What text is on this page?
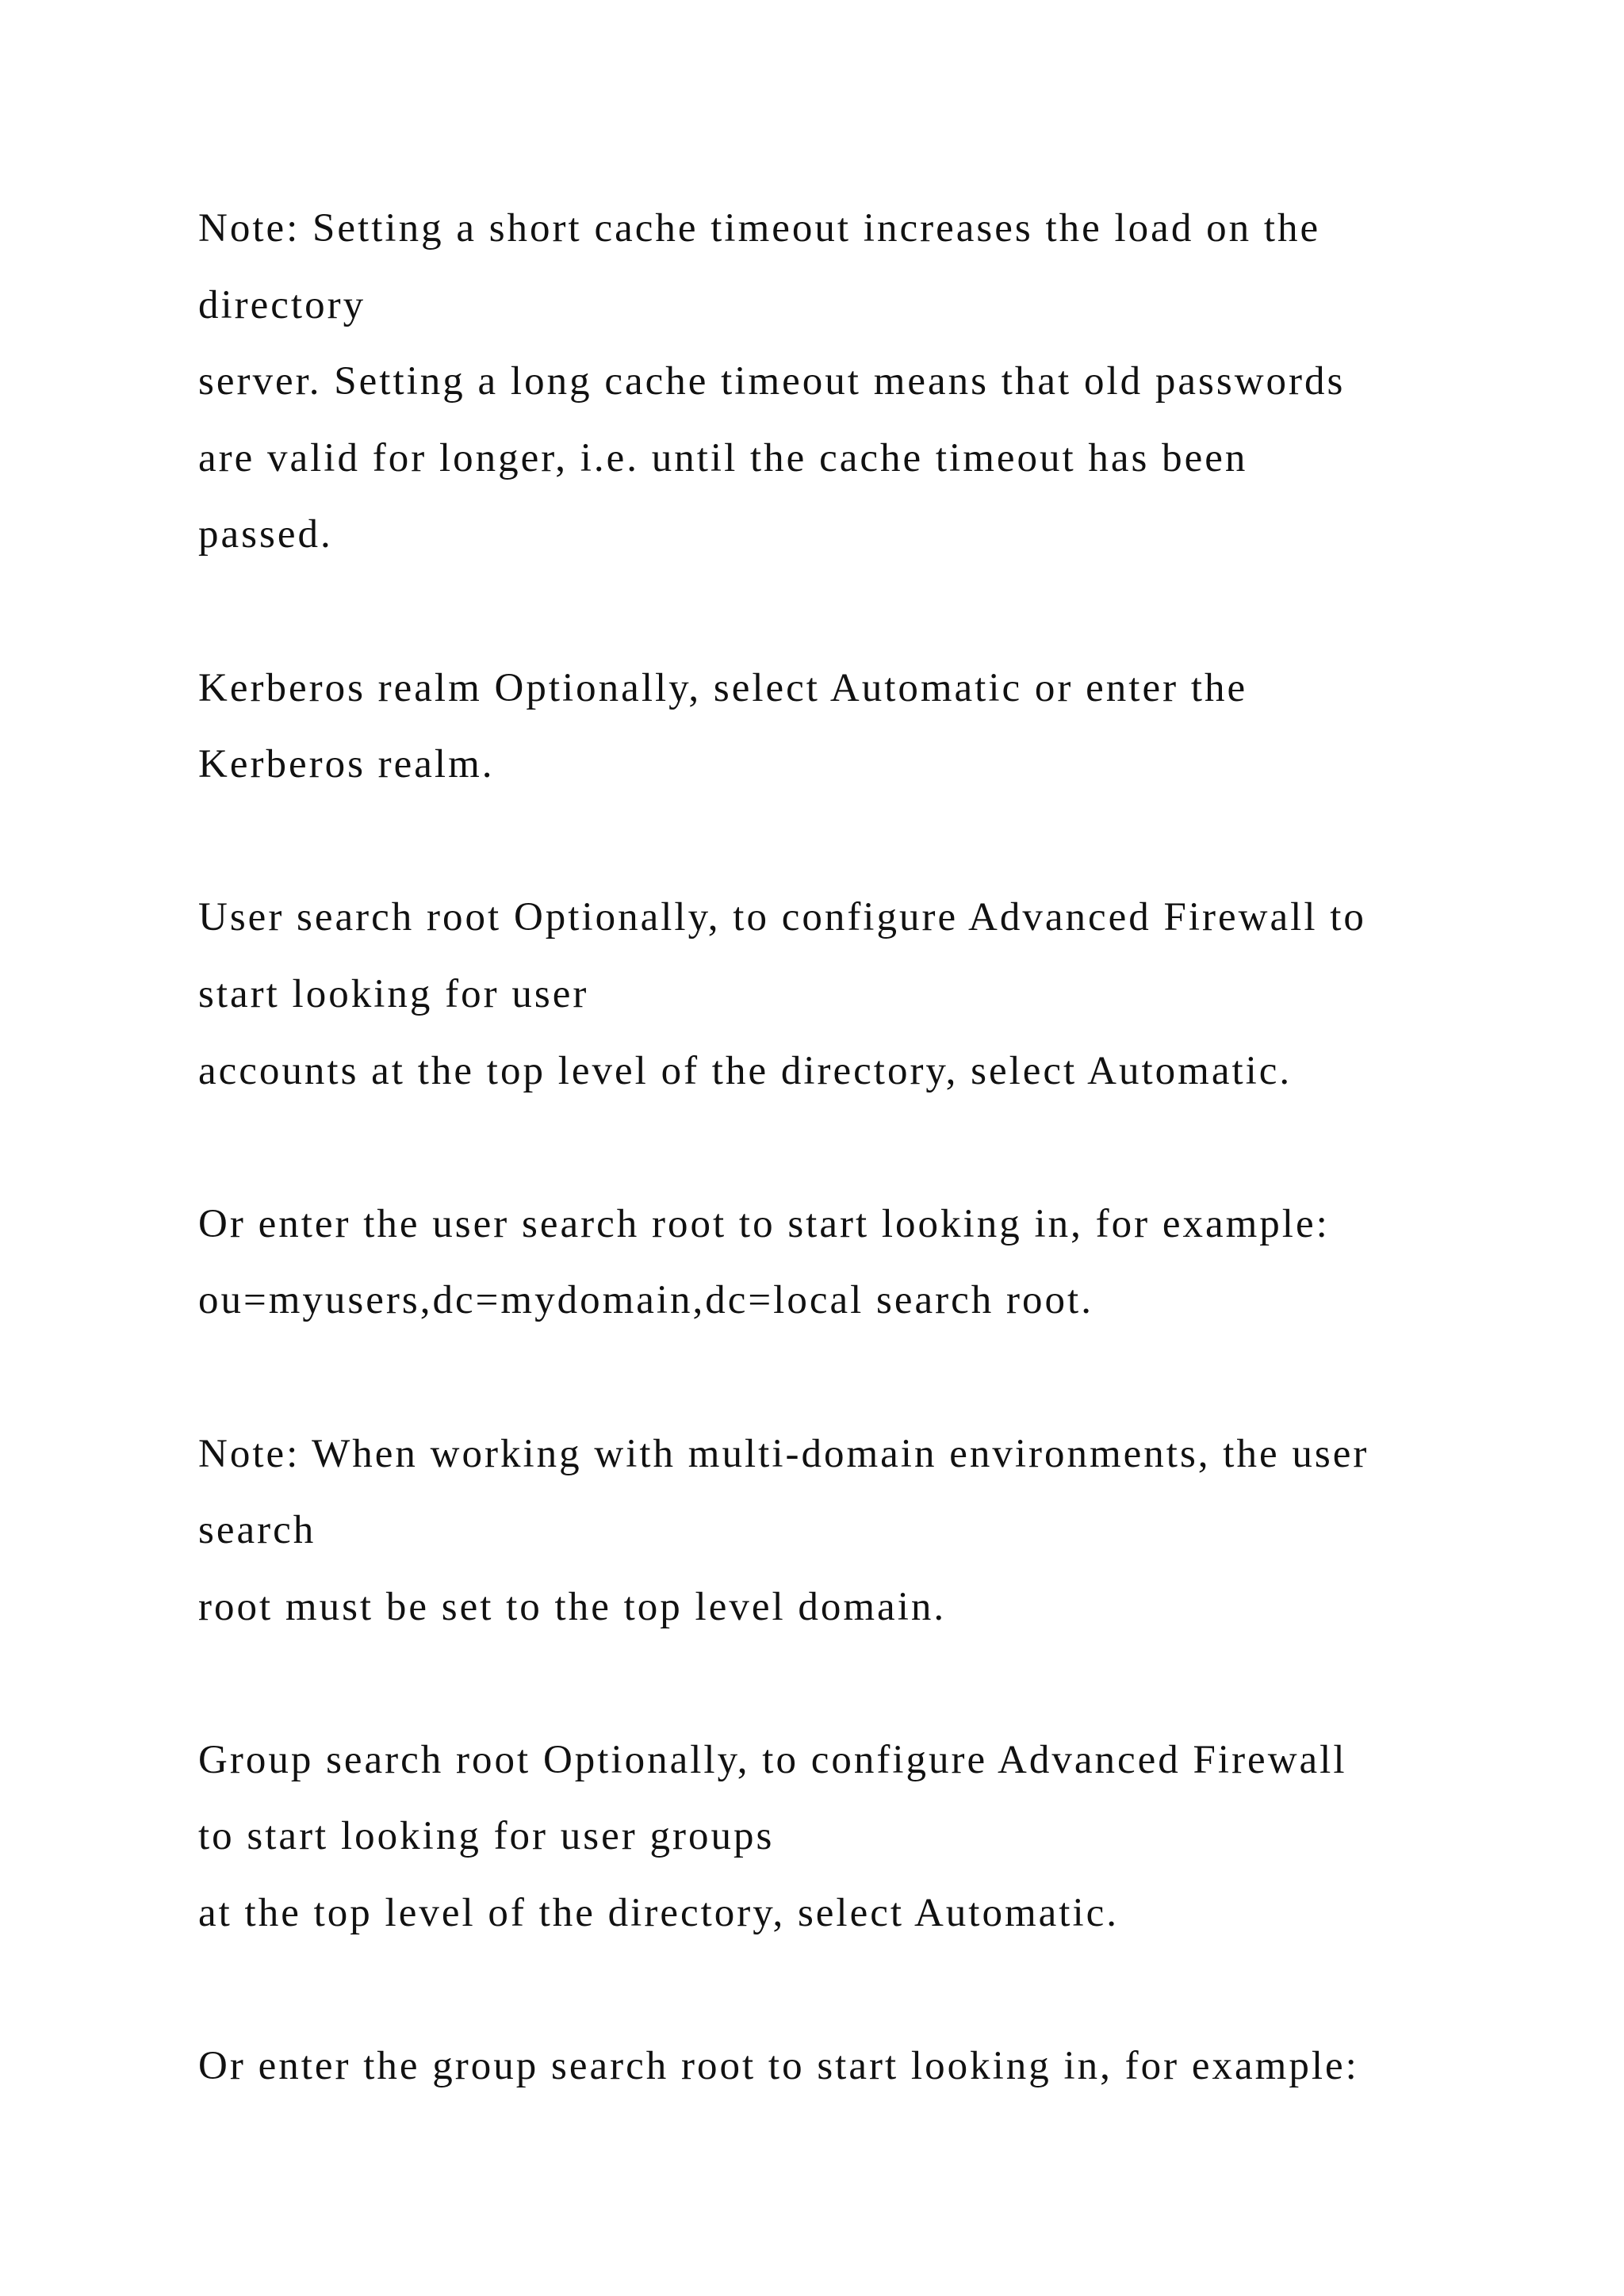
Note: Setting a short cache timeout increases the load on the
directory
server. Setting a long cache timeout means that old passwords
are valid for longer, i.e. until the cache timeout has been
passed.
Kerberos realm Optionally, select Automatic or enter the
Kerberos realm.
User search root Optionally, to configure Advanced Firewall to
start looking for user
accounts at the top level of the directory, select Automatic.
Or enter the user search root to start looking in, for example:
ou=myusers,dc=mydomain,dc=local search root.
Note: When working with multi-domain environments, the user
search
root must be set to the top level domain.
Group search root Optionally, to configure Advanced Firewall
to start looking for user groups
at the top level of the directory, select Automatic.
Or enter the group search root to start looking in, for example:
